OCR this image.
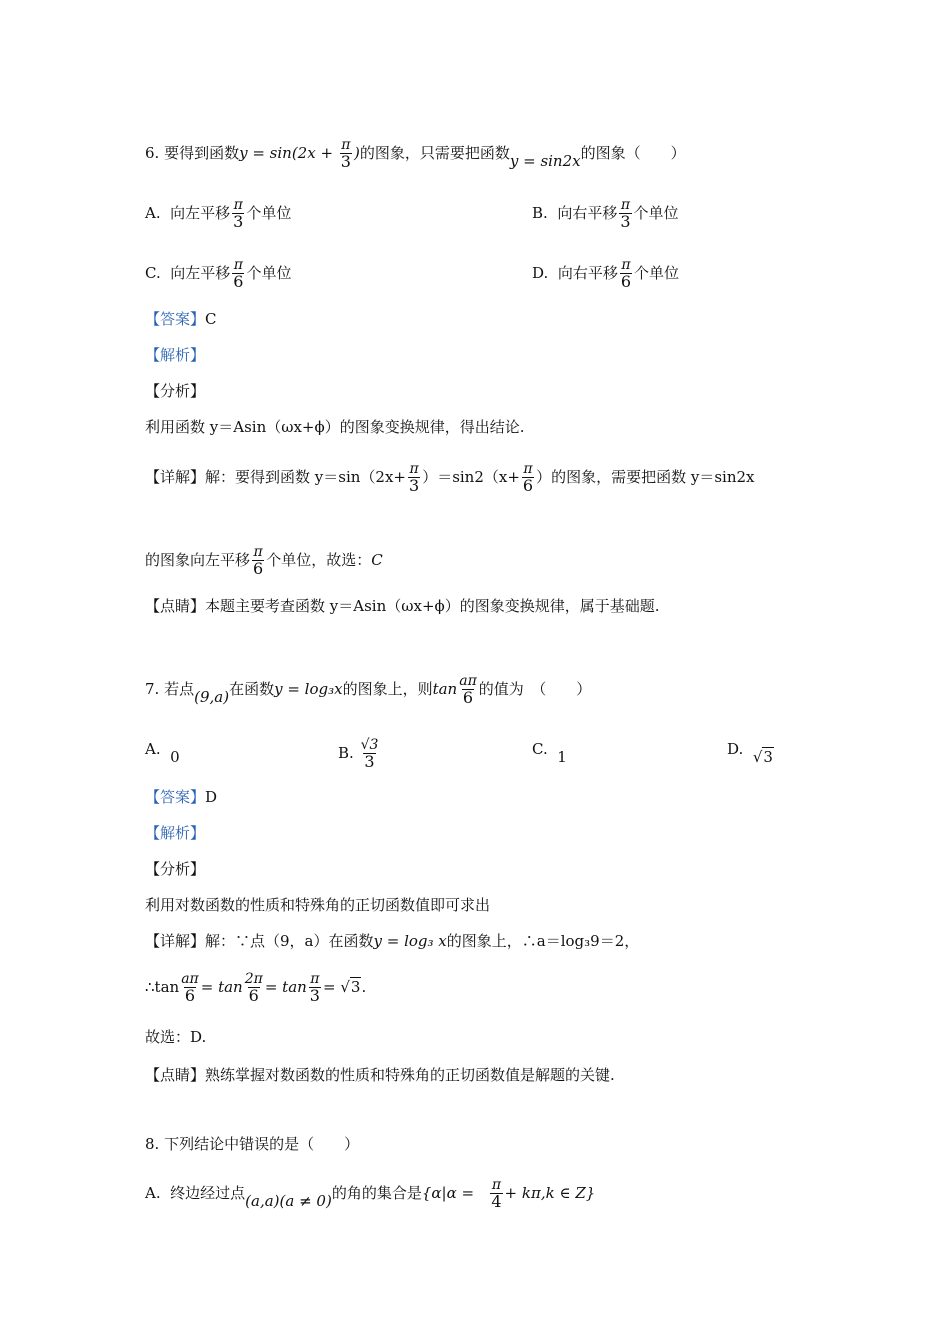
6. 要得到函数$y = \sin(2x + \frac{\pi}{3}$ )的图象，只需要把函数y = sin2x的图象（　　）
A. 向左平移 $\frac{\pi}{3}$ 个单位	B. 向右平移 $\frac{\pi}{3}$ 个单位
C. 向左平移 $\frac{\pi}{6}$ 个单位	D. 向右平移 $\frac{\pi}{6}$ 个单位
【答案】C
【解析】
【分析】
利用函数 y＝Asin（ωx+ϕ）的图象变换规律，得出结论.
【详解】解：要得到函数 $y=\sin(2x+ \frac{\pi}{3} )=\sin 2(x+ \frac{\pi}{6}$ ）的图象，需要把函数 y＝sin2x
的图象向左平移 $\frac{\pi}{6}$ 个单位，故选：C
【点睛】本题主要考查函数 y＝Asin（ωx+ϕ）的图象变换规律，属于基础题.
7. 若点(9,a)在函数y = log₃x的图象上，则$\tan \frac{a\pi}{6}$ 的值为　（　　）
A. 0	B. $\frac{√3}{3}$	C. 1	D. √3
【答案】D
【解析】
【分析】
利用对数函数的性质和特殊角的正切函数值即可求出
【详解】解：∵点（9，a）在函数y = log₃ x的图象上，∴a＝log₃9＝2，
∴tan $\frac{a\pi}{6} = \tan \frac{2\pi}{6} = \tan \frac{\pi}{3} = √3$.
故选：D.
【点睛】熟练掌握对数函数的性质和特殊角的正切函数值是解题的关键.
8. 下列结论中错误的是（　　）
A. 终边经过点(a,a)(a ≠ 0)的角的集合是{$\alpha|\alpha = \frac{\pi}{4} + k\pi,k$ ∈ Z}
